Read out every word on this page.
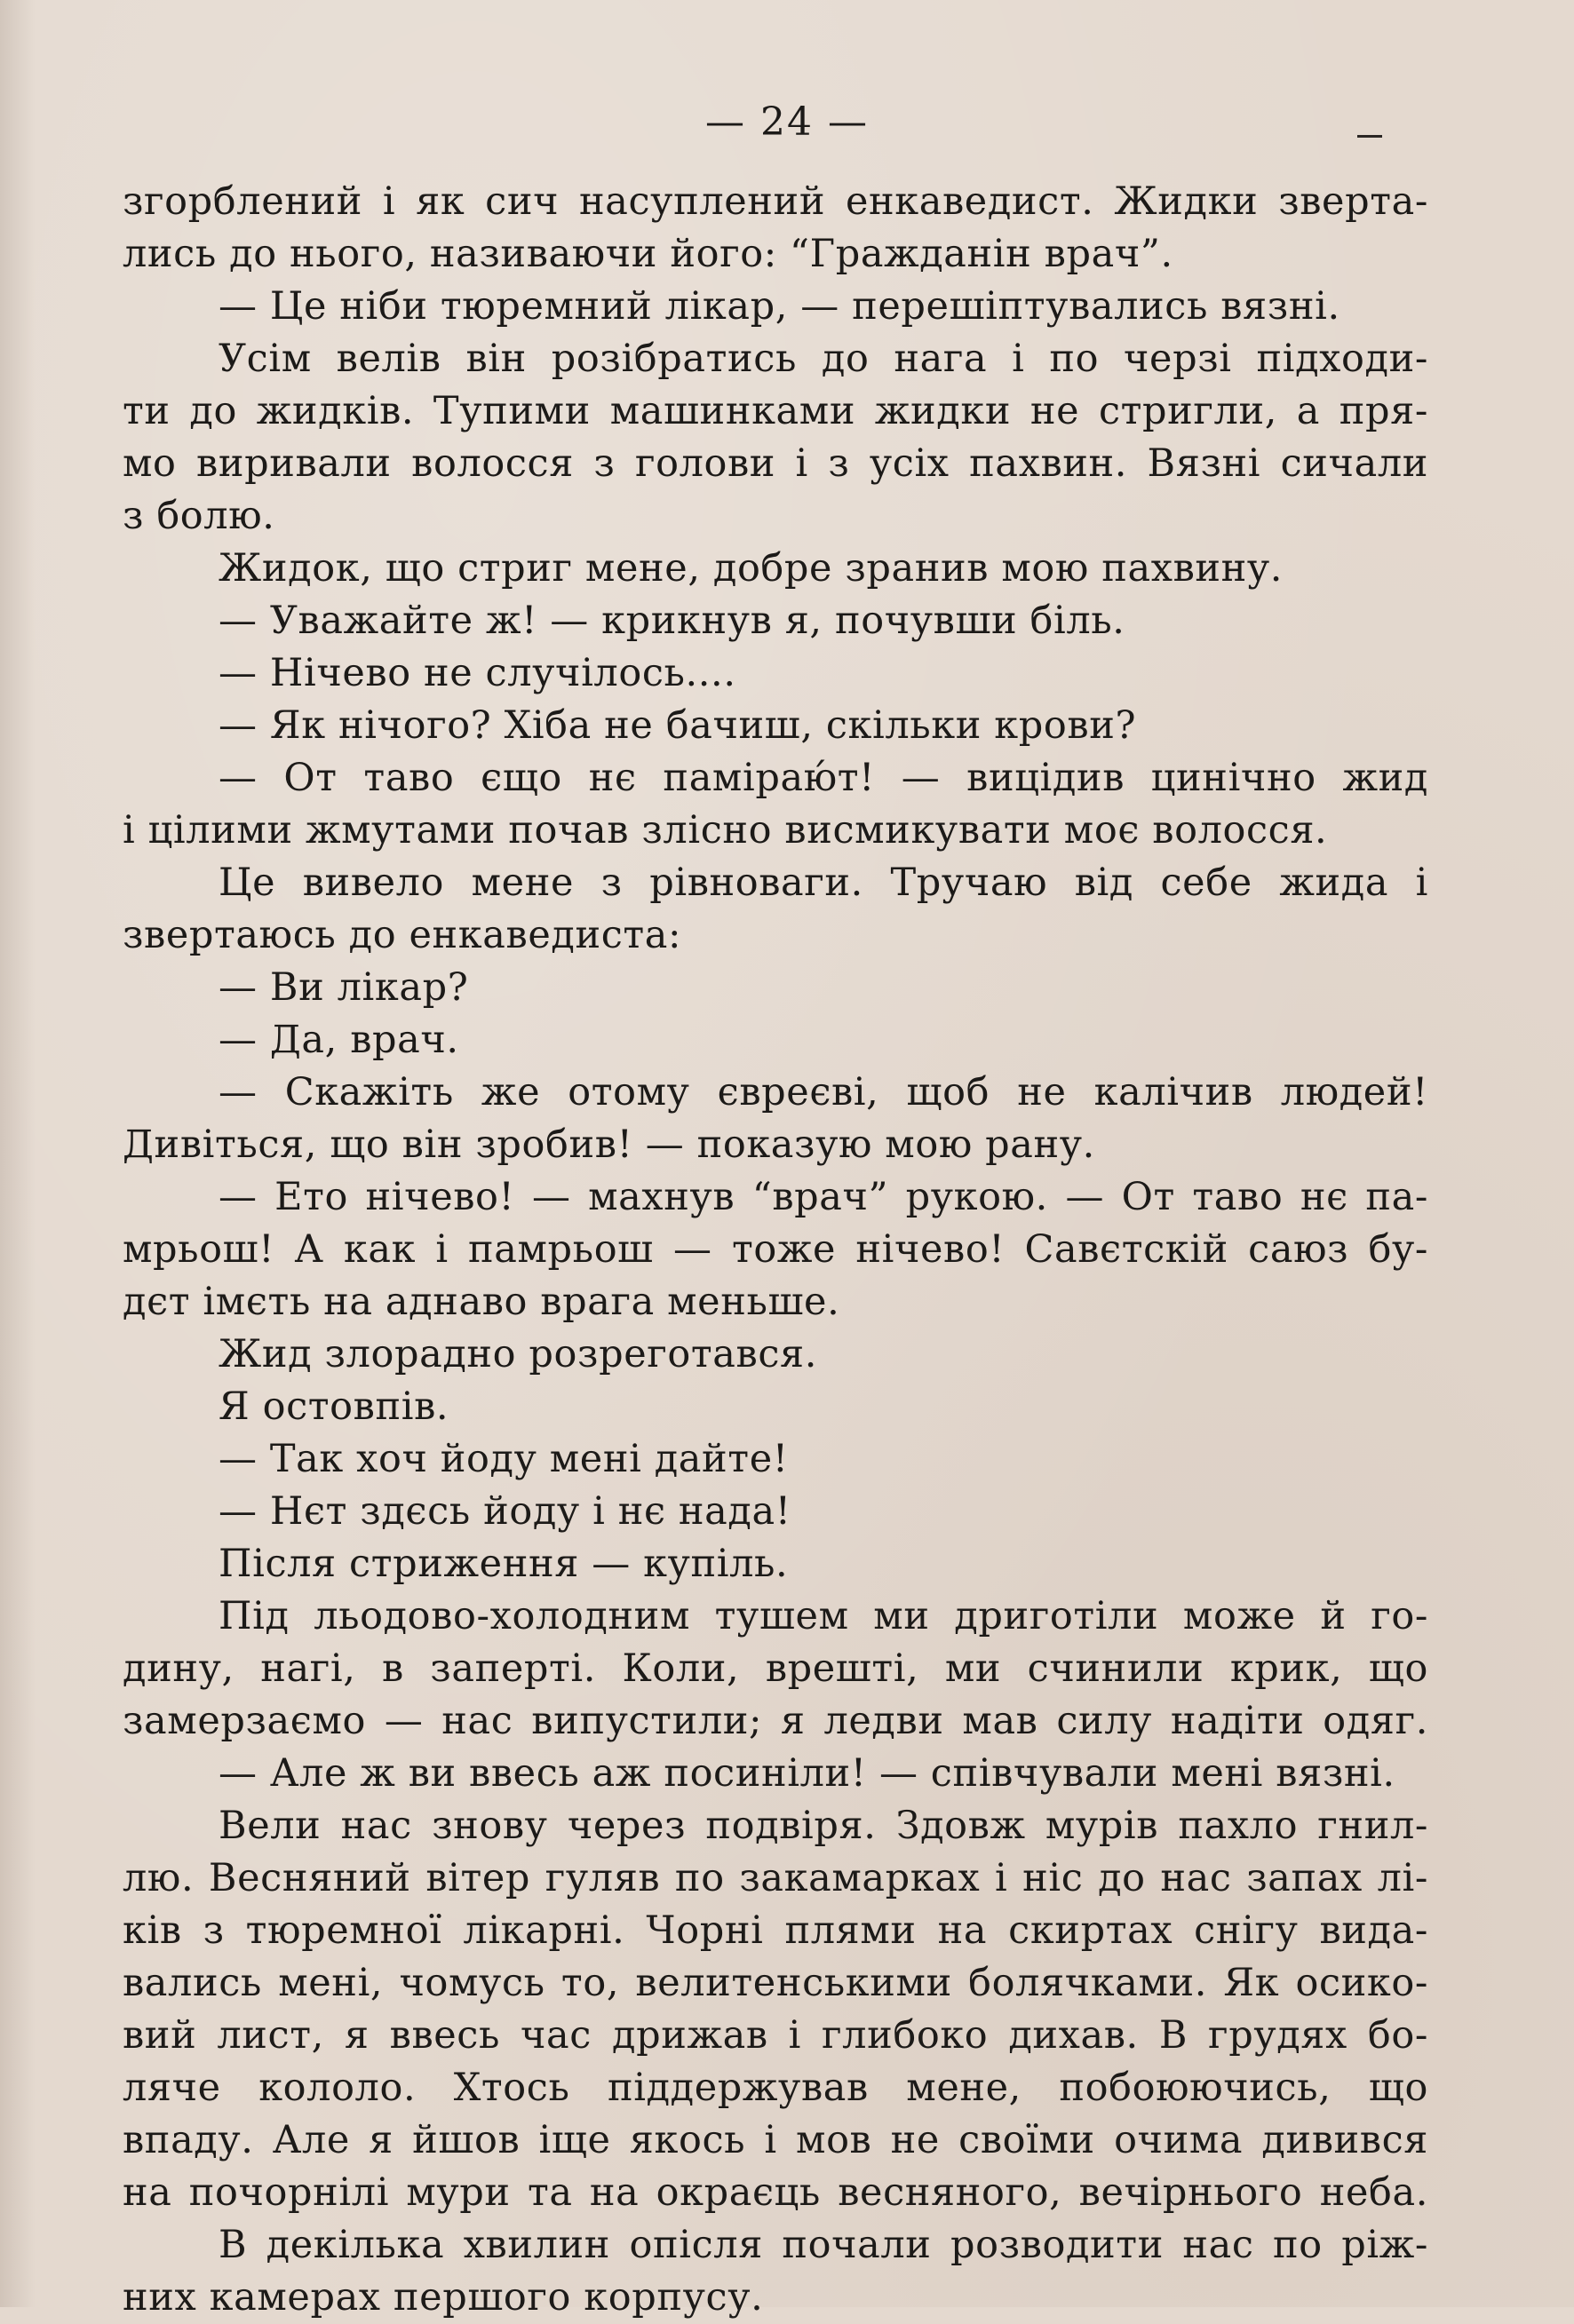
— 24 —

згорблений і як сич насуплений енкаведист. Жидки зверта-

лись до нього, називаючи його: “Гражданін врач”.

— Це ніби тюремний лікар, — перешіптувались вязні.

Усім велів він розібратись до нага і по черзі підходи-

ти до жидків. Тупими машинками жидки не стригли, а пря-

мо виривали волосся з голови і з усіх пахвин. Вязні сичали

з болю.

Жидок, що стриг мене, добре зранив мою пахвину.

— Уважайте ж! — крикнув я, почувши біль.

— Нічево не случілось....

— Як нічого? Хіба не бачиш, скільки крови?

— От таво єщо нє паміраю́т! — вицідив цинічно жид

і цілими жмутами почав злісно висмикувати моє волосся.

Це вивело мене з рівноваги. Тручаю від себе жида і

звертаюсь до енкаведиста:

— Ви лікар?

— Да, врач.

— Скажіть же отому євреєві, щоб не калічив людей!

Дивіться, що він зробив! — показую мою рану.

— Ето нічево! — махнув “врач” рукою. — От таво нє па-

мрьош! А как і памрьош — тоже нічево! Савєтскій саюз бу-

дєт імєть на аднаво врага меньше.

Жид злорадно розреготався.

Я остовпів.

— Так хоч йоду мені дайте!

— Нєт здєсь йоду і нє нада!

Після стриження — купіль.

Під льодово-холодним тушем ми дриготіли може й го-

дину, нагі, в заперті. Коли, врешті, ми счинили крик, що

замерзаємо — нас випустили; я ледви мав силу надіти одяг.

— Але ж ви ввесь аж посиніли! — співчували мені вязні.

Вели нас знову через подвіря. Здовж мурів пахло гнил-

лю. Весняний вітер гуляв по закамарках і ніс до нас запах лі-

ків з тюремної лікарні. Чорні плями на скиртах снігу вида-

вались мені, чомусь то, велитенськими болячками. Як осико-

вий лист, я ввесь час дрижав і глибоко дихав. В грудях бо-

ляче кололо. Хтось піддержував мене, побоюючись, що

впаду. Але я йшов іще якось і мов не своїми очима дивився

на почорнілі мури та на окраєць весняного, вечірнього неба.

В декілька хвилин опісля почали розводити нас по ріж-

них камерах першого корпусу.
